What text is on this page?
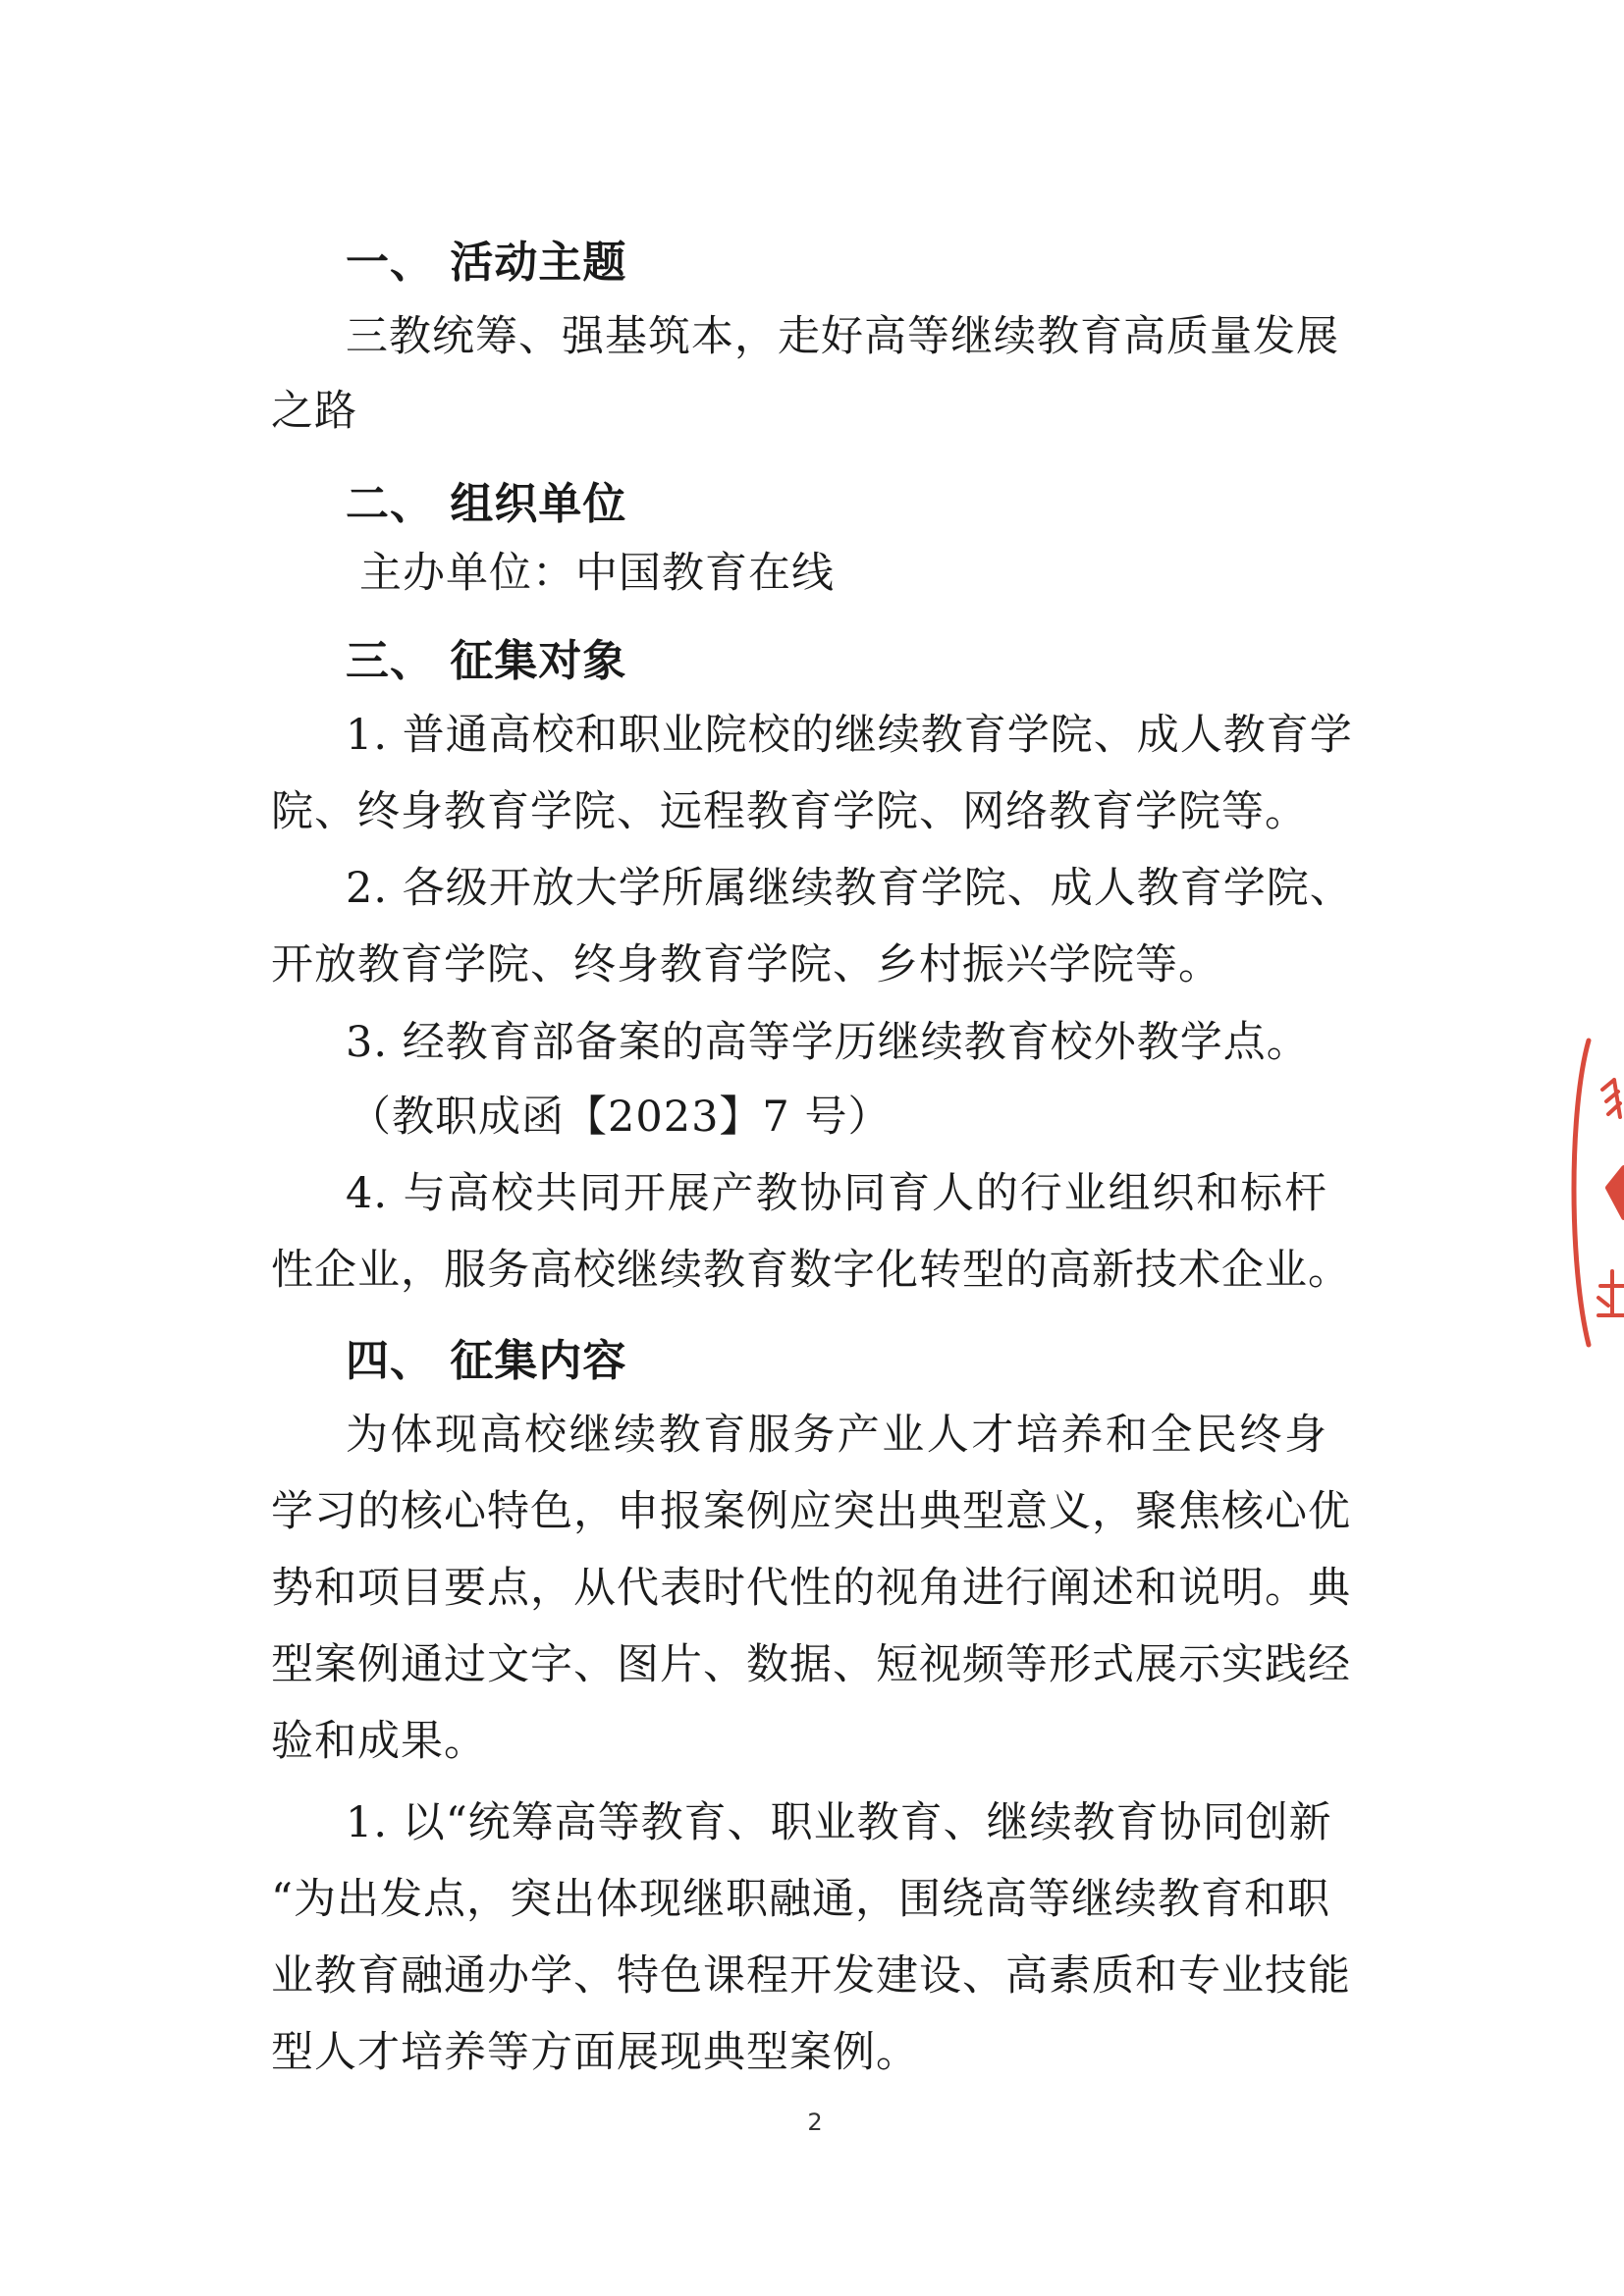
一、 活动主题
三教统筹、强基筑本，走好高等继续教育高质量发展
之路
二、 组织单位
主办单位：中国教育在线
三、 征集对象
1. 普通高校和职业院校的继续教育学院、成人教育学
院、终身教育学院、远程教育学院、网络教育学院等。
2. 各级开放大学所属继续教育学院、成人教育学院、
开放教育学院、终身教育学院、乡村振兴学院等。
3. 经教育部备案的高等学历继续教育校外教学点。
（教职成函【2023】7 号）
4. 与高校共同开展产教协同育人的行业组织和标杆
性企业，服务高校继续教育数字化转型的高新技术企业。
四、 征集内容
为体现高校继续教育服务产业人才培养和全民终身
学习的核心特色，申报案例应突出典型意义，聚焦核心优
势和项目要点，从代表时代性的视角进行阐述和说明。典
型案例通过文字、图片、数据、短视频等形式展示实践经
验和成果。
1. 以“统筹高等教育、职业教育、继续教育协同创新
“为出发点，突出体现继职融通，围绕高等继续教育和职
业教育融通办学、特色课程开发建设、高素质和专业技能
型人才培养等方面展现典型案例。
2
